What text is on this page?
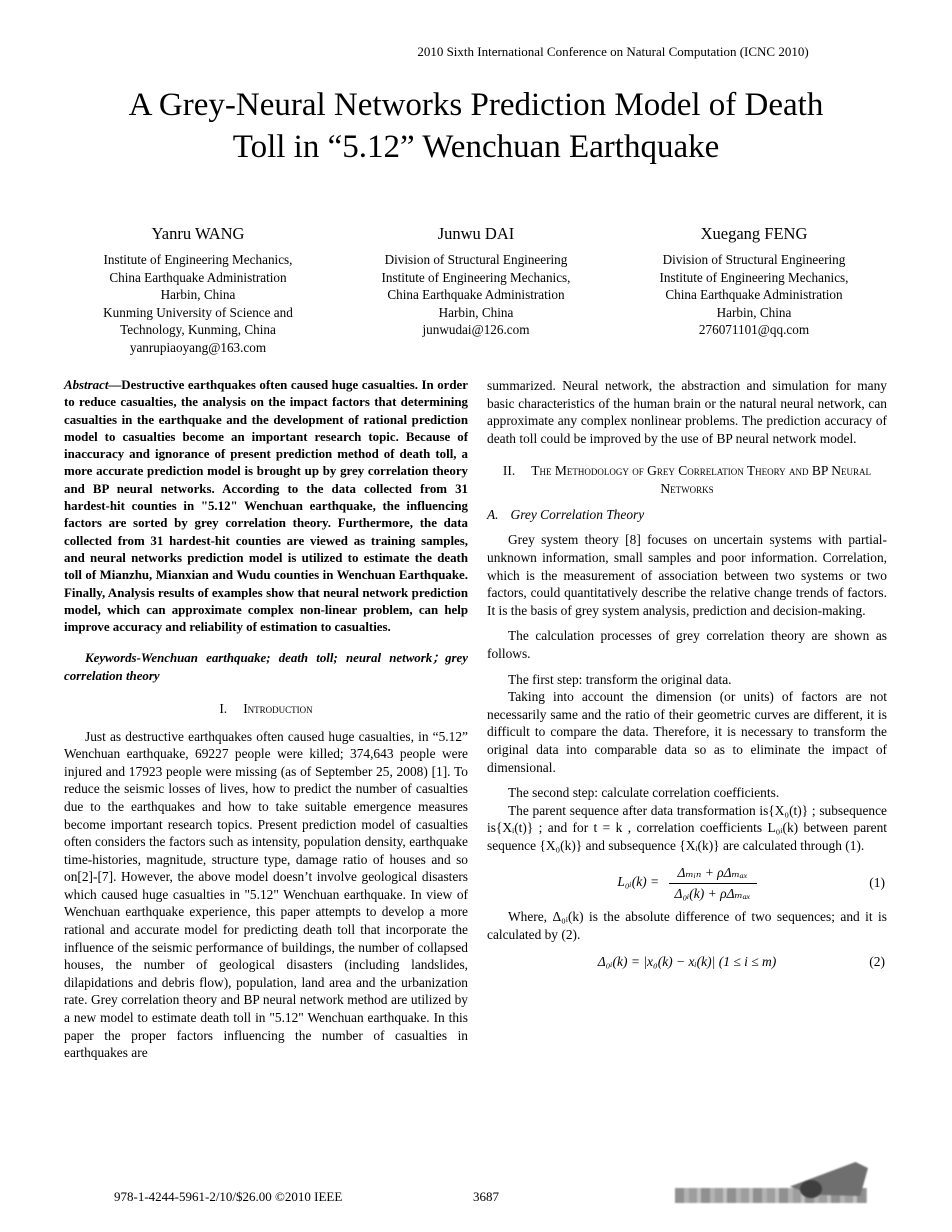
2010 Sixth International Conference on Natural Computation (ICNC 2010)
A Grey-Neural Networks Prediction Model of Death
Toll in “5.12” Wenchuan Earthquake
Yanru WANG
Institute of Engineering Mechanics,
China Earthquake Administration
Harbin, China
Kunming University of Science and
Technology, Kunming, China
yanrupiaoyang@163.com
Junwu DAI
Division of Structural Engineering
Institute of Engineering Mechanics,
China Earthquake Administration
Harbin, China
junwudai@126.com
Xuegang FENG
Division of Structural Engineering
Institute of Engineering Mechanics,
China Earthquake Administration
Harbin, China
276071101@qq.com
Abstract—Destructive earthquakes often caused huge casualties. In order to reduce casualties, the analysis on the impact factors that determining casualties in the earthquake and the development of rational prediction model to casualties become an important research topic. Because of inaccuracy and ignorance of present prediction method of death toll, a more accurate prediction model is brought up by grey correlation theory and BP neural networks. According to the data collected from 31 hardest-hit counties in "5.12" Wenchuan earthquake, the influencing factors are sorted by grey correlation theory. Furthermore, the data collected from 31 hardest-hit counties are viewed as training samples, and neural networks prediction model is utilized to estimate the death toll of Mianzhu, Mianxian and Wudu counties in Wenchuan Earthquake. Finally, Analysis results of examples show that neural network prediction model, which can approximate complex non-linear problem, can help improve accuracy and reliability of estimation to casualties.
Keywords-Wenchuan earthquake; death toll; neural network；grey correlation theory
I. Introduction

Just as destructive earthquakes often caused huge casualties, in “5.12” Wenchuan earthquake, 69227 people were killed; 374,643 people were injured and 17923 people were missing (as of September 25, 2008) [1]. To reduce the seismic losses of lives, how to predict the number of casualties due to the earthquakes and how to take suitable emergence measures become important research topics. Present prediction model of casualties often considers the factors such as intensity, population density, earthquake time-histories, magnitude, structure type, damage ratio of houses and so on[2]-[7]. However, the above model doesn’t involve geological disasters which caused huge casualties in "5.12" Wenchuan earthquake. In view of Wenchuan earthquake experience, this paper attempts to develop a more rational and accurate model for predicting death toll that incorporate the influence of the seismic performance of buildings, the number of collapsed houses, the number of geological disasters (including landslides, dilapidations and debris flow), population, land area and the urbanization rate. Grey correlation theory and BP neural network method are utilized by a new model to estimate death toll in "5.12" Wenchuan earthquake. In this paper the proper factors influencing the number of casualties in earthquakes are

summarized. Neural network, the abstraction and simulation for many basic characteristics of the human brain or the natural neural network, can approximate any complex nonlinear problems. The prediction accuracy of death toll could be improved by the use of BP neural network model.

II. The Methodology of Grey Correlation Theory and BP Neural Networks
A. Grey Correlation Theory

Grey system theory [8] focuses on uncertain systems with partial-unknown information, small samples and poor information. Correlation, which is the measurement of association between two systems or two factors, could quantitatively describe the relative change trends of factors. It is the basis of grey system analysis, prediction and decision-making.

The calculation processes of grey correlation theory are shown as follows.

The first step: transform the original data.

Taking into account the dimension (or units) of factors are not necessarily same and the ratio of their geometric curves are different, it is difficult to compare the data. Therefore, it is necessary to transform the original data into comparable data so as to eliminate the impact of dimensional.

The second step: calculate correlation coefficients.

The parent sequence after data transformation is{X₀(t)} ; subsequence is{Xᵢ(t)} ; and for t = k , correlation coefficients L₀ᵢ(k) between parent sequence {X₀(k)} and subsequence {Xᵢ(k)} are calculated through (1).

L₀ᵢ(k) = $\frac{\text{Δₘᵢₙ + ρΔₘₐₓ}}{\text{Δ₀ᵢ(k) + ρΔₘₐₓ}}$	(1)

Where, Δ₀ᵢ(k) is the absolute difference of two sequences; and it is calculated by (2).

Δ₀ᵢ(k) = |x₀(k) − xᵢ(k)| (1 ≤ i ≤ m)	(2)
978-1-4244-5961-2/10/$26.00 ©2010 IEEE	3687
